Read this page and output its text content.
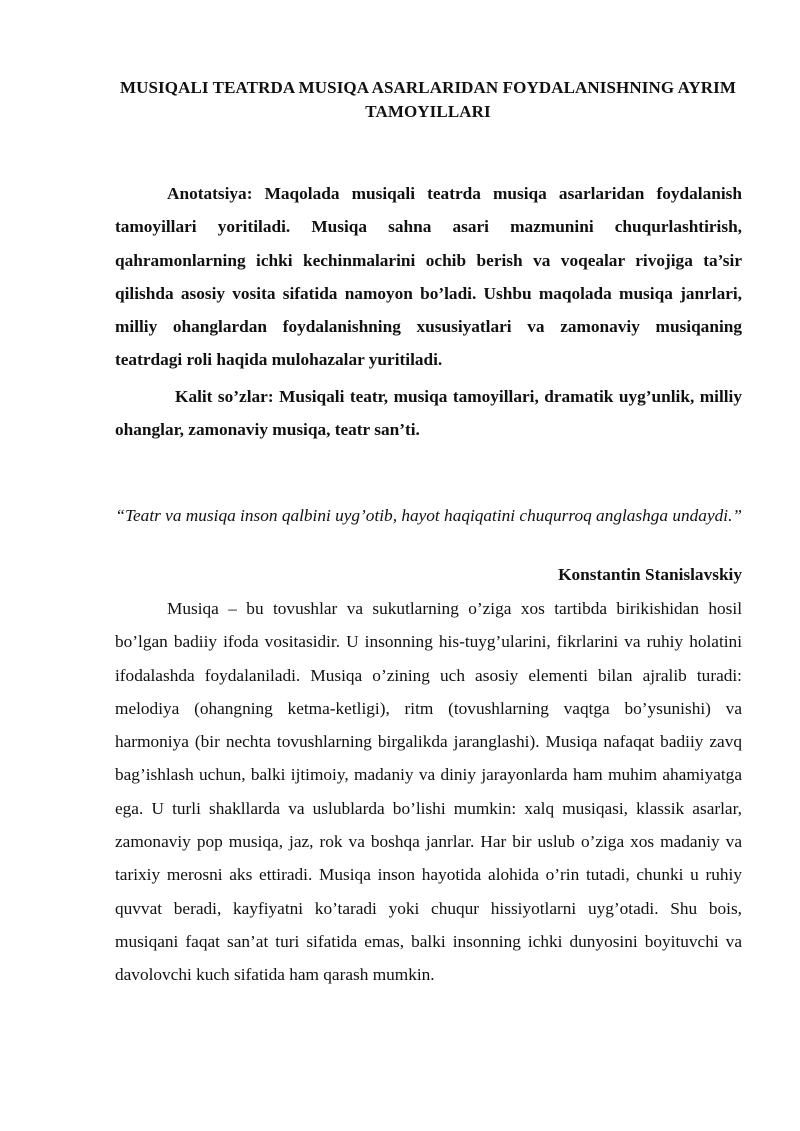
MUSIQALI TEATRDA MUSIQA ASARLARIDAN FOYDALANISHNING AYRIM TAMOYILLARI

Anotatsiya: Maqolada musiqali teatrda musiqa asarlaridan foydalanish tamoyillari yoritiladi. Musiqa sahna asari mazmunini chuqurlashtirish, qahramonlarning ichki kechinmalarini ochib berish va voqealar rivojiga ta’sir qilishda asosiy vosita sifatida namoyon bo’ladi. Ushbu maqolada musiqa janrlari, milliy ohanglardan foydalanishning xususiyatlari va zamonaviy musiqaning teatrdagi roli haqida mulohazalar yuritiladi.

Kalit so’zlar: Musiqali teatr, musiqa tamoyillari, dramatik uyg’unlik, milliy ohanglar, zamonaviy musiqa, teatr san’ti.

“Teatr va musiqa inson qalbini uyg’otib, hayot haqiqatini chuqurroq anglashga undaydi.”

Konstantin Stanislavskiy

Musiqa – bu tovushlar va sukutlarning o’ziga xos tartibda birikishidan hosil bo’lgan badiiy ifoda vositasidir. U insonning his-tuyg’ularini, fikrlarini va ruhiy holatini ifodalashda foydalaniladi. Musiqa o’zining uch asosiy elementi bilan ajralib turadi: melodiya (ohangning ketma-ketligi), ritm (tovushlarning vaqtga bo’ysunishi) va harmoniya (bir nechta tovushlarning birgalikda jaranglashi). Musiqa nafaqat badiiy zavq bag’ishlash uchun, balki ijtimoiy, madaniy va diniy jarayonlarda ham muhim ahamiyatga ega. U turli shakllarda va uslublarda bo’lishi mumkin: xalq musiqasi, klassik asarlar, zamonaviy pop musiqa, jaz, rok va boshqa janrlar. Har bir uslub o’ziga xos madaniy va tarixiy merosni aks ettiradi. Musiqa inson hayotida alohida o’rin tutadi, chunki u ruhiy quvvat beradi, kayfiyatni ko’taradi yoki chuqur hissiyotlarni uyg’otadi. Shu bois, musiqani faqat san’at turi sifatida emas, balki insonning ichki dunyosini boyituvchi va davolovchi kuch sifatida ham qarash mumkin.
